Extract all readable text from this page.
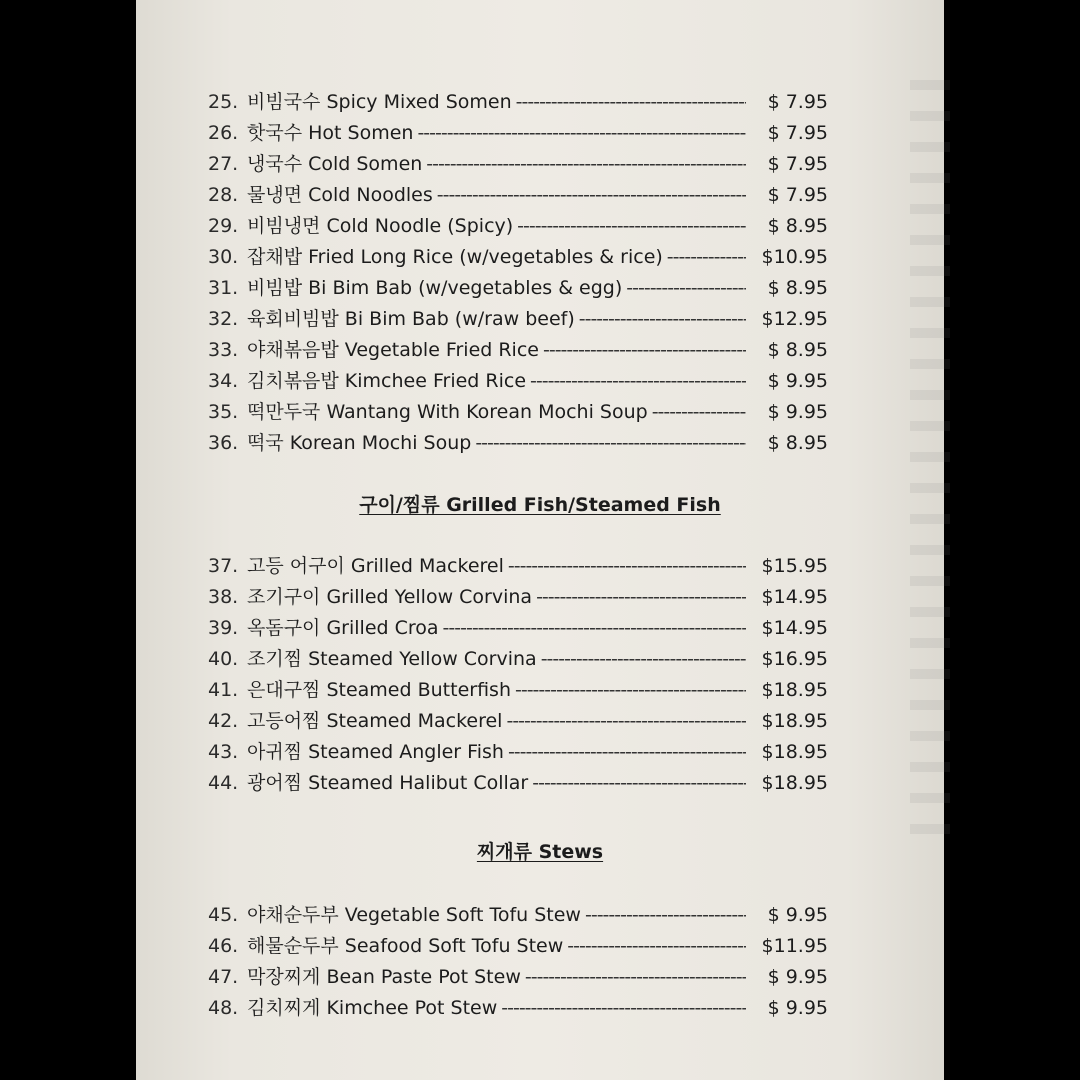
25. 비빔국수 Spicy Mixed Somen -----	$ 7.95
26. 핫국수 Hot Somen -----	$ 7.95
27. 냉국수 Cold Somen -----	$ 7.95
28. 물냉면 Cold Noodles -----	$ 7.95
29. 비빔냉면 Cold Noodle (Spicy) -----	$ 8.95
30. 잡채밥 Fried Long Rice (w/vegetables & rice) -----	$10.95
31. 비빔밥 Bi Bim Bab (w/vegetables & egg) -----	$ 8.95
32. 육회비빔밥 Bi Bim Bab (w/raw beef) -----	$12.95
33. 야채볶음밥 Vegetable Fried Rice -----	$ 8.95
34. 김치볶음밥 Kimchee Fried Rice -----	$ 9.95
35. 떡만두국 Wantang With Korean Mochi Soup -----	$ 9.95
36. 떡국 Korean Mochi Soup -----	$ 8.95
구이/찜류 Grilled Fish/Steamed Fish
37. 고등 어구이 Grilled Mackerel -----	$15.95
38. 조기구이 Grilled Yellow Corvina -----	$14.95
39. 옥돔구이 Grilled Croa -----	$14.95
40. 조기찜 Steamed Yellow Corvina -----	$16.95
41. 은대구찜 Steamed Butterfish -----	$18.95
42. 고등어찜 Steamed Mackerel -----	$18.95
43. 아귀찜 Steamed Angler Fish -----	$18.95
44. 광어찜 Steamed Halibut Collar -----	$18.95
찌개류 Stews
45. 야채순두부 Vegetable Soft Tofu Stew -----	$ 9.95
46. 해물순두부 Seafood Soft Tofu Stew -----	$11.95
47. 막장찌게 Bean Paste Pot Stew -----	$ 9.95
48. 김치찌게 Kimchee Pot Stew -----	$ 9.95
